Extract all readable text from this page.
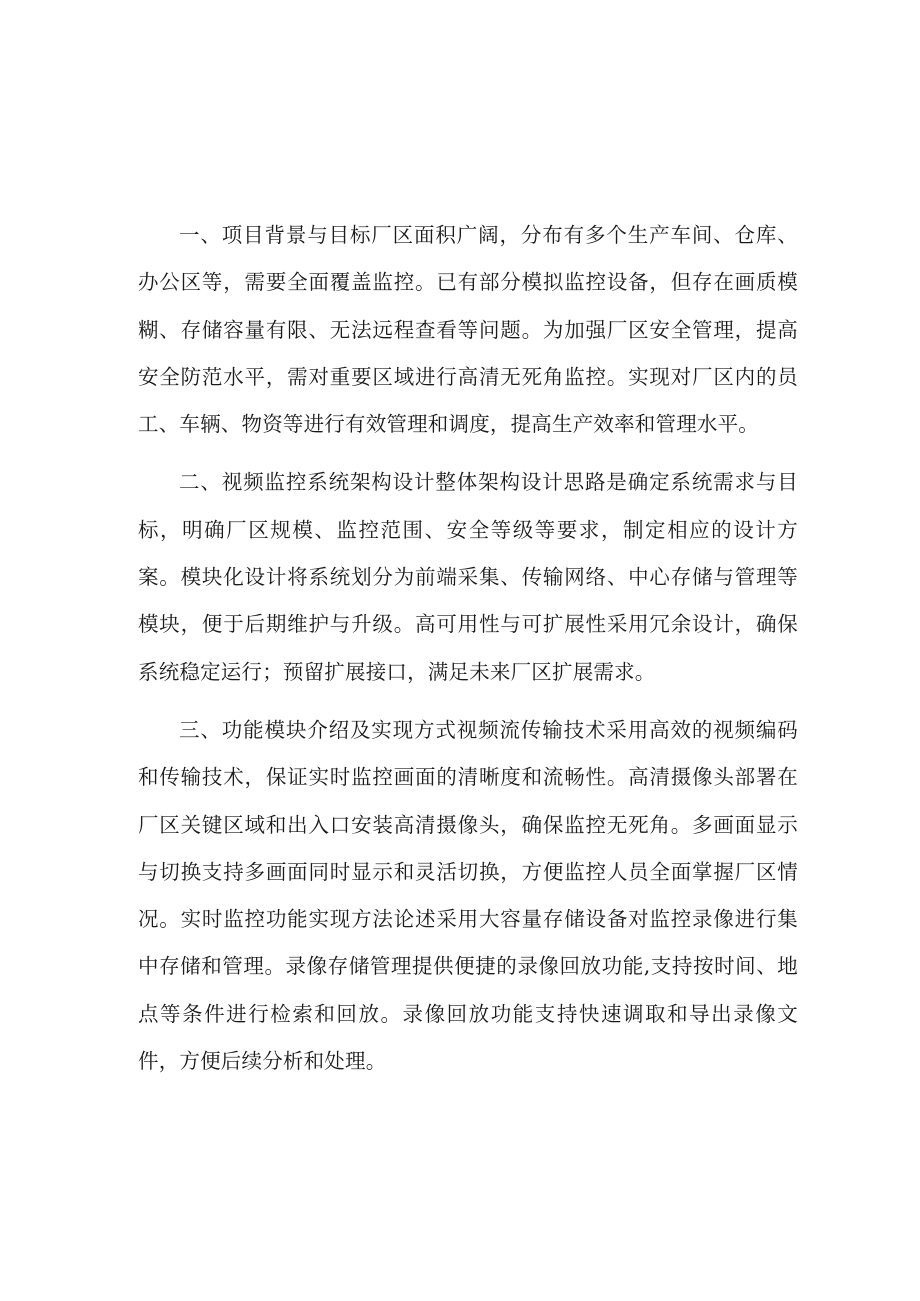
一、项目背景与目标厂区面积广阔，分布有多个生产车间、仓库、办公区等，需要全面覆盖监控。已有部分模拟监控设备，但存在画质模糊、存储容量有限、无法远程查看等问题。为加强厂区安全管理，提高安全防范水平，需对重要区域进行高清无死角监控。实现对厂区内的员工、车辆、物资等进行有效管理和调度，提高生产效率和管理水平。

二、视频监控系统架构设计整体架构设计思路是确定系统需求与目标，明确厂区规模、监控范围、安全等级等要求，制定相应的设计方案。模块化设计将系统划分为前端采集、传输网络、中心存储与管理等模块，便于后期维护与升级。高可用性与可扩展性采用冗余设计，确保系统稳定运行；预留扩展接口，满足未来厂区扩展需求。

三、功能模块介绍及实现方式视频流传输技术采用高效的视频编码和传输技术，保证实时监控画面的清晰度和流畅性。高清摄像头部署在厂区关键区域和出入口安装高清摄像头，确保监控无死角。多画面显示与切换支持多画面同时显示和灵活切换，方便监控人员全面掌握厂区情况。实时监控功能实现方法论述采用大容量存储设备对监控录像进行集中存储和管理。录像存储管理提供便捷的录像回放功能,支持按时间、地点等条件进行检索和回放。录像回放功能支持快速调取和导出录像文件，方便后续分析和处理。
